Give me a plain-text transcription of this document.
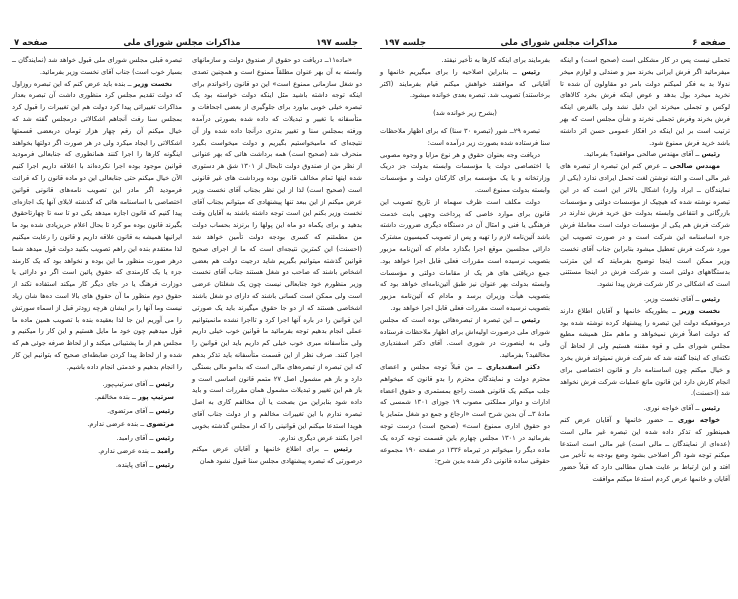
جلسه ۱۹۷
مذاکرات مجلس شورای ملی
صفحه ۷

«ماده۱۱ــ دریافت دو حقوق از صندوق دولت و سازمانهای وابسته به آن بهر عنوان مطلقاً ممنوع است و همچنین تصدی دو شغل سازمانی ممنوع است» این دو قانون راخواندم برای اینکه توجه داشته باشید مثل اینکه دولت خواسته بود یک تبصره خیلی خوبی بیاورد برای جلوگیری از بعضی اجحافات و متأسفانه با تغییر و تبدیلات که داده شده بصورتی درآمده ورفته بمجلس سنا و تغییر بدتری درآنجا داده شده واز آن نتیجه‌ای که مامیخواستیم بگیریم و دولت میخواست بگیرد منحرف شد (صحیح است) همه برداشت هائی که بهر عنوانی از نظر من از صندوق دولت تابحال از ۱۳۰۱ شق هر دستوری شده اینها تمام مخالف قانون بوده وبرداشت های غیر قانونی است (صحیح است) لذا از این نظر بجناب آقای نخست وزیر عرض میکنم از این ببعد تنها پیشنهادی که میتوانم بجناب آقای نخست وزیر بکنم این است توجه داشته باشند به آقایان وقت بدهید و برای یکماه دو ماه این پولها را برنزند بحساب دولت من مطمئنم که کسری بودجه دولت تأمین خواهد شد (احسنت) این کمترین نتیجه‌ای است که ما از اجرای صحیح قوانین گذشته میتوانیم بگیریم شاید درجیت دولت هم بعضی اشخاص باشند که صاحب دو شغل هستند جناب آقای نخست وزیر منظورم خود جنابعالی نیست چون یک شغلتان عرضی است ولی ممکن است کسانی باشند که دارای دو شغل باشند اشخاصی هستند که از دو جا حقوق میگیرند باید یک صورتی این قوانین را در باره آنها اجرا کرد و تااجرا نشده مانمیتوانیم عملی انجام بدهیم توجه بفرمائید ما قوانین خوب خیلی داریم ولی متأسفانه مبری خوب خیلی کم داریم باید این قوانین را اجرا کنند. صرف نظر از این قسمت متأسفانه باید تذکر بدهم که این تبصره از تبصره‌های مالی است که بدامو مالی بستگی دارد و باز هم مشمول اصل ۲۷ متمم قانون اساسی است و باز هم این تغییر و تبدیلات مشمول همان مقررات است و باید داده شود بنابراین من بصحت یا آن مخالفم کاری به اصل تبصره ندارم با این تغییرات مخالفم و از دولت جناب آقای هویدا استدعا میکنم این قوانینی را که از مجلس گذشته بخوبی اجرا بکنند عرض دیگری ندارم.

رئیس ــ برای اطلاع خانمها و آقایان عرض میکنم درصورتی که تبصره پیشنهادی مجلس سنا قبول نشود همان

تبصره قبلی مجلس شورای ملی قبول خواهد شد (نمایندگان ــ بسیار خوب است) جناب آقای نخست وزیر بفرمائید.

نخست وزیر ــ بنده باید عرض کنم که این تبصره روزاول که دولت تقدیم مجلس کرد منظوری داشت آن تبصره بعداز مذاکرات تغییراتی پیدا کرد دولت هم این تغییرات را قبول کرد بمجلس سنا رفت آنجاهم اشکالاتی درمجلس گفته شد که خیال میکنم آن رقم چهار هزار تومان دربعضی قسمتها اشکالاتی را ایجاد میکرد ولی در هر صورت اگر دولتها بخواهند اینگونه کارها را اجرا کنند همانطوری که جنابعالی فرمودید قوانین موجود بوده اجرا نکرده‌اند با اعلاقه داریم اجرا کنیم الآن خیال میکنم حتی جنابعالی این دو ماده قانون را که قرائت فرمودید اگر مادر این تصویب نامه‌های قانونی قوانین اختصاصی با اساسنامه هائی که گذشته لابلای آنها یک اجازه‌ای پیدا کنیم که قانون اجازه میدهد یکی دو تا سه تا چهارتاحقوق بگیرند قانون بوده مو کرد تا بحال اعلام حریزیادی شده بود ما ایرانیها همیشه به قانون علاقه داریم و قانون را رعایت میکنیم لذا معتقدم بنده این راهم تصویب بکنید دولت قول میدهد شما درهر صورت منظور ما این بوده و نخواهد بود که یک کارمند جزء یا یک کارمندی که حقوق پائین است اگر دو دارائی یا دوزارت فرهنگ یا در جای دیگر کار میکند استفاده نکند از حقوق دوم منظور ما آن حقوق های بالا است ده‌ها شان زیاد نیست وما آنها را بر ایشان هرچه زودتر قبل از اسماء سورتش را می آوریم این جا لذا بعقیده بنده با تصویب همین ماده ما قول میدهیم چون خود ما مایل هستیم و این کار را میکنیم و مجلس هم از ما پشتیبانی میکند و از لحاظ صرفه جوئی هم که شده و از لحاظ پیدا کردن ضابطه‌ای صحیح که بتوانیم این کار را انجام بدهیم و خدمتی انجام داده باشیم.

رئیس ــ آقای سرتیپ‌پور.

سرتیپ پور ــ بنده مخالفم.

رئیس ــ آقای مرتضوی.

مرتضوی ــ بنده عرضی ندارم.

رئیس ــ آقای رامبد.

رامبد ــ بنده عرضی ندارم.

رئیس ــ آقای پاینده.

صفحه ۶
مذاکرات مجلس شورای ملی
جلسه ۱۹۷

تحملی نیست پس در کار مشکلی است (صحیح است) و اینکه میفرمائید اگر فرش ایرانی بخرند میز و صندلی و لوازم میخر ندولا بد به فکر لمیکنم دولت بامر دو مقاولون آن شده تا نخرید میخرد بول بدهد و عوض اینکه فرش بخرد کالاهای لوکس و تجملی میخرند این دلیل نشد ولی بالفرض اینکه فرش بخرند وفرش تجملی نخرند و شأن مجلس است که بهر ترتیب است بر این اینکه در افکار عمومی حسن اثر داشته باشد خرید فرش ممنوع شود.

رئیس ــ آقای مهندس صالحی موافقید؟ بفرمائید.

مهندس صالحی ــ عرض کنم این تبصره از تبصره های غیر مالی است و البته نوشتن لغت تحمل ایرادی ندارد (یکی از نمایندگان ــ ایراد وارد) اشکال بالاتر این است که در این تبصره نوشته شده که هیچیک از مؤسسات دولتی و مؤسسات بازرگانی و انتفاعی وابسته بدولت حق خرید فرش ندارند در شرکت فرش هم یکی از مؤسسات دولت است معاملهٔ فرش جزء اساسنامه این شرکت است و در صورت تصویب این مورد شرکت فرش تعطیل میشود بنابراین جناب آقای نخست وزیر ممکن است اینجا توضیح بفرمایند که این مترتب بدستگاههای دولتی است و شرکت فرش در اینجا مستثنی است که اشکالی در کار شرکت فرش پیدا نشود.

رئیس ــ آقای نخست وزیر.

نخست وزیر ــ بطوریکه خانمها و آقایان اطلاع دارند درموقعیکه دولت این تبصره را پیشنهاد کرده نوشته شده بود که دولت اصلاً فرش نمیخواهد و ماهم مثل همیشه مطیع مجلس شورای ملی و قوه مقننه هستیم ولی از لحاظ آن نکته‌ای که اینجا گفته شد که شرکت فرش نمیتواند فرش بخرد و خیال میکنم چون اساسنامه دار و قانون اختصاصی برای انجام کارش دارد این قانون مانع عملیات شرکت فرش نخواهد شد (احسنت).

رئیس ــ آقای خواجه نوری.

خواجه نوری ــ حضور خانمها و آقایان عرض کنم همینطور که تذکر داده شده این تبصره غیر مالی است (عده‌ای از نمایندگان ــ مالی است) غیر مالی است استدعا میکنم توجه شود اگر اصلاحی بشود وضع بودجه به تأخیر می افتد و این ارتباط بر عایت همان مطالبی دارد که قبلاً حضور آقایان و خانمها عرض کردم استدعا میکنم موافقت

بفرمایند برای اینکه کارها به تأخیر نیفتد.

رئیس ــ بنابراین اصلاحیه را برای میگیریم خانمها و آقایانی که موافقند خواهش میکنم قیام بفرمایند (اکثر برخاستند) تصویب شد. تبصره بعدی خوانده میشود.

(بشرح زیر خوانده شد)

تبصره ۲۹ــ شور (تبصره ۳۰ سنا) که برای اظهار ملاحظات سنا فرستاده شده بصورت زیر درآمده است:

دریافت وجه بعنوان حقوق و هر نوع مزایا و وجوه مصوبی یا اختصاصی دولت یا مؤسسات وابسته بدولت جز دریک وزارتخانه و یا یک مؤسسه برای کارکنان دولت و مؤسسات وابسته بدولت ممنوع است.

دولت مکلف است ظرف سهماه از تاریخ تصویب این قانون برای موارد خاصی که پرداخت وجهی بابت خدمت فرهنگی یا فنی و امثال آن در دستگاه دیگری ضرورت داشته باشد آئین‌نامه لازم را تهیه و پس از تصویب کمیسیون مشترک دارائی مجلسین موقع اجرا بگذارد مادام که آئین‌نامه مزبور بتصویب نرسیده است مقررات فعلی قابل اجرا خواهد بود. جمع دریافتی های هر یک از مقامات دولتی و مؤسسات وابسته بدولت بهر عنوان نیز طبق آئین‌نامه‌ای خواهد بود که بتصویب هیأت وزیران برسد و مادام که آئین‌نامه مزبور بتصویب نرسیده است مقررات فعلی قابل اجرا خواهد بود.

رئیس ــ این تبصره از تبصره‌هائی بوده است که مجلس شورای ملی درصورت اولیه‌اش برای اظهار ملاحظات فرستاده ولی به اینصورت در شوری است. آقای دکتر اسفندیاری مخالفید؟ بفرمائید.

دکتر اسفندیاری ــ من قبلاً توجه مجلس و اعضای محترم دولت و نمایندگان محترم را بدو قانون که میخواهم جلب میکنم یک قانونی هست راجع بمستمری و حقوق اعضاء ادارات و دوائر مملکتی مصوب ۱۹ جوزای ۱۳۰۱ شمسی که مادهٔ ۳ــ آن بدین شرح است «ارجاع و جمع دو شغل متمایز یا دو حقوق اداری ممنوع است» (صحیح است) درست توجه بفرمائید در ۱۳۰۱ مجلس چهارم باین قسمت توجه کرده یک ماده دیگر را میخوانم در تیرماه ۱۳۳۶ در صفحه ۱۹۰ مجموعه حقوقی ساده قانونی ذکر شده بدین شرح:
